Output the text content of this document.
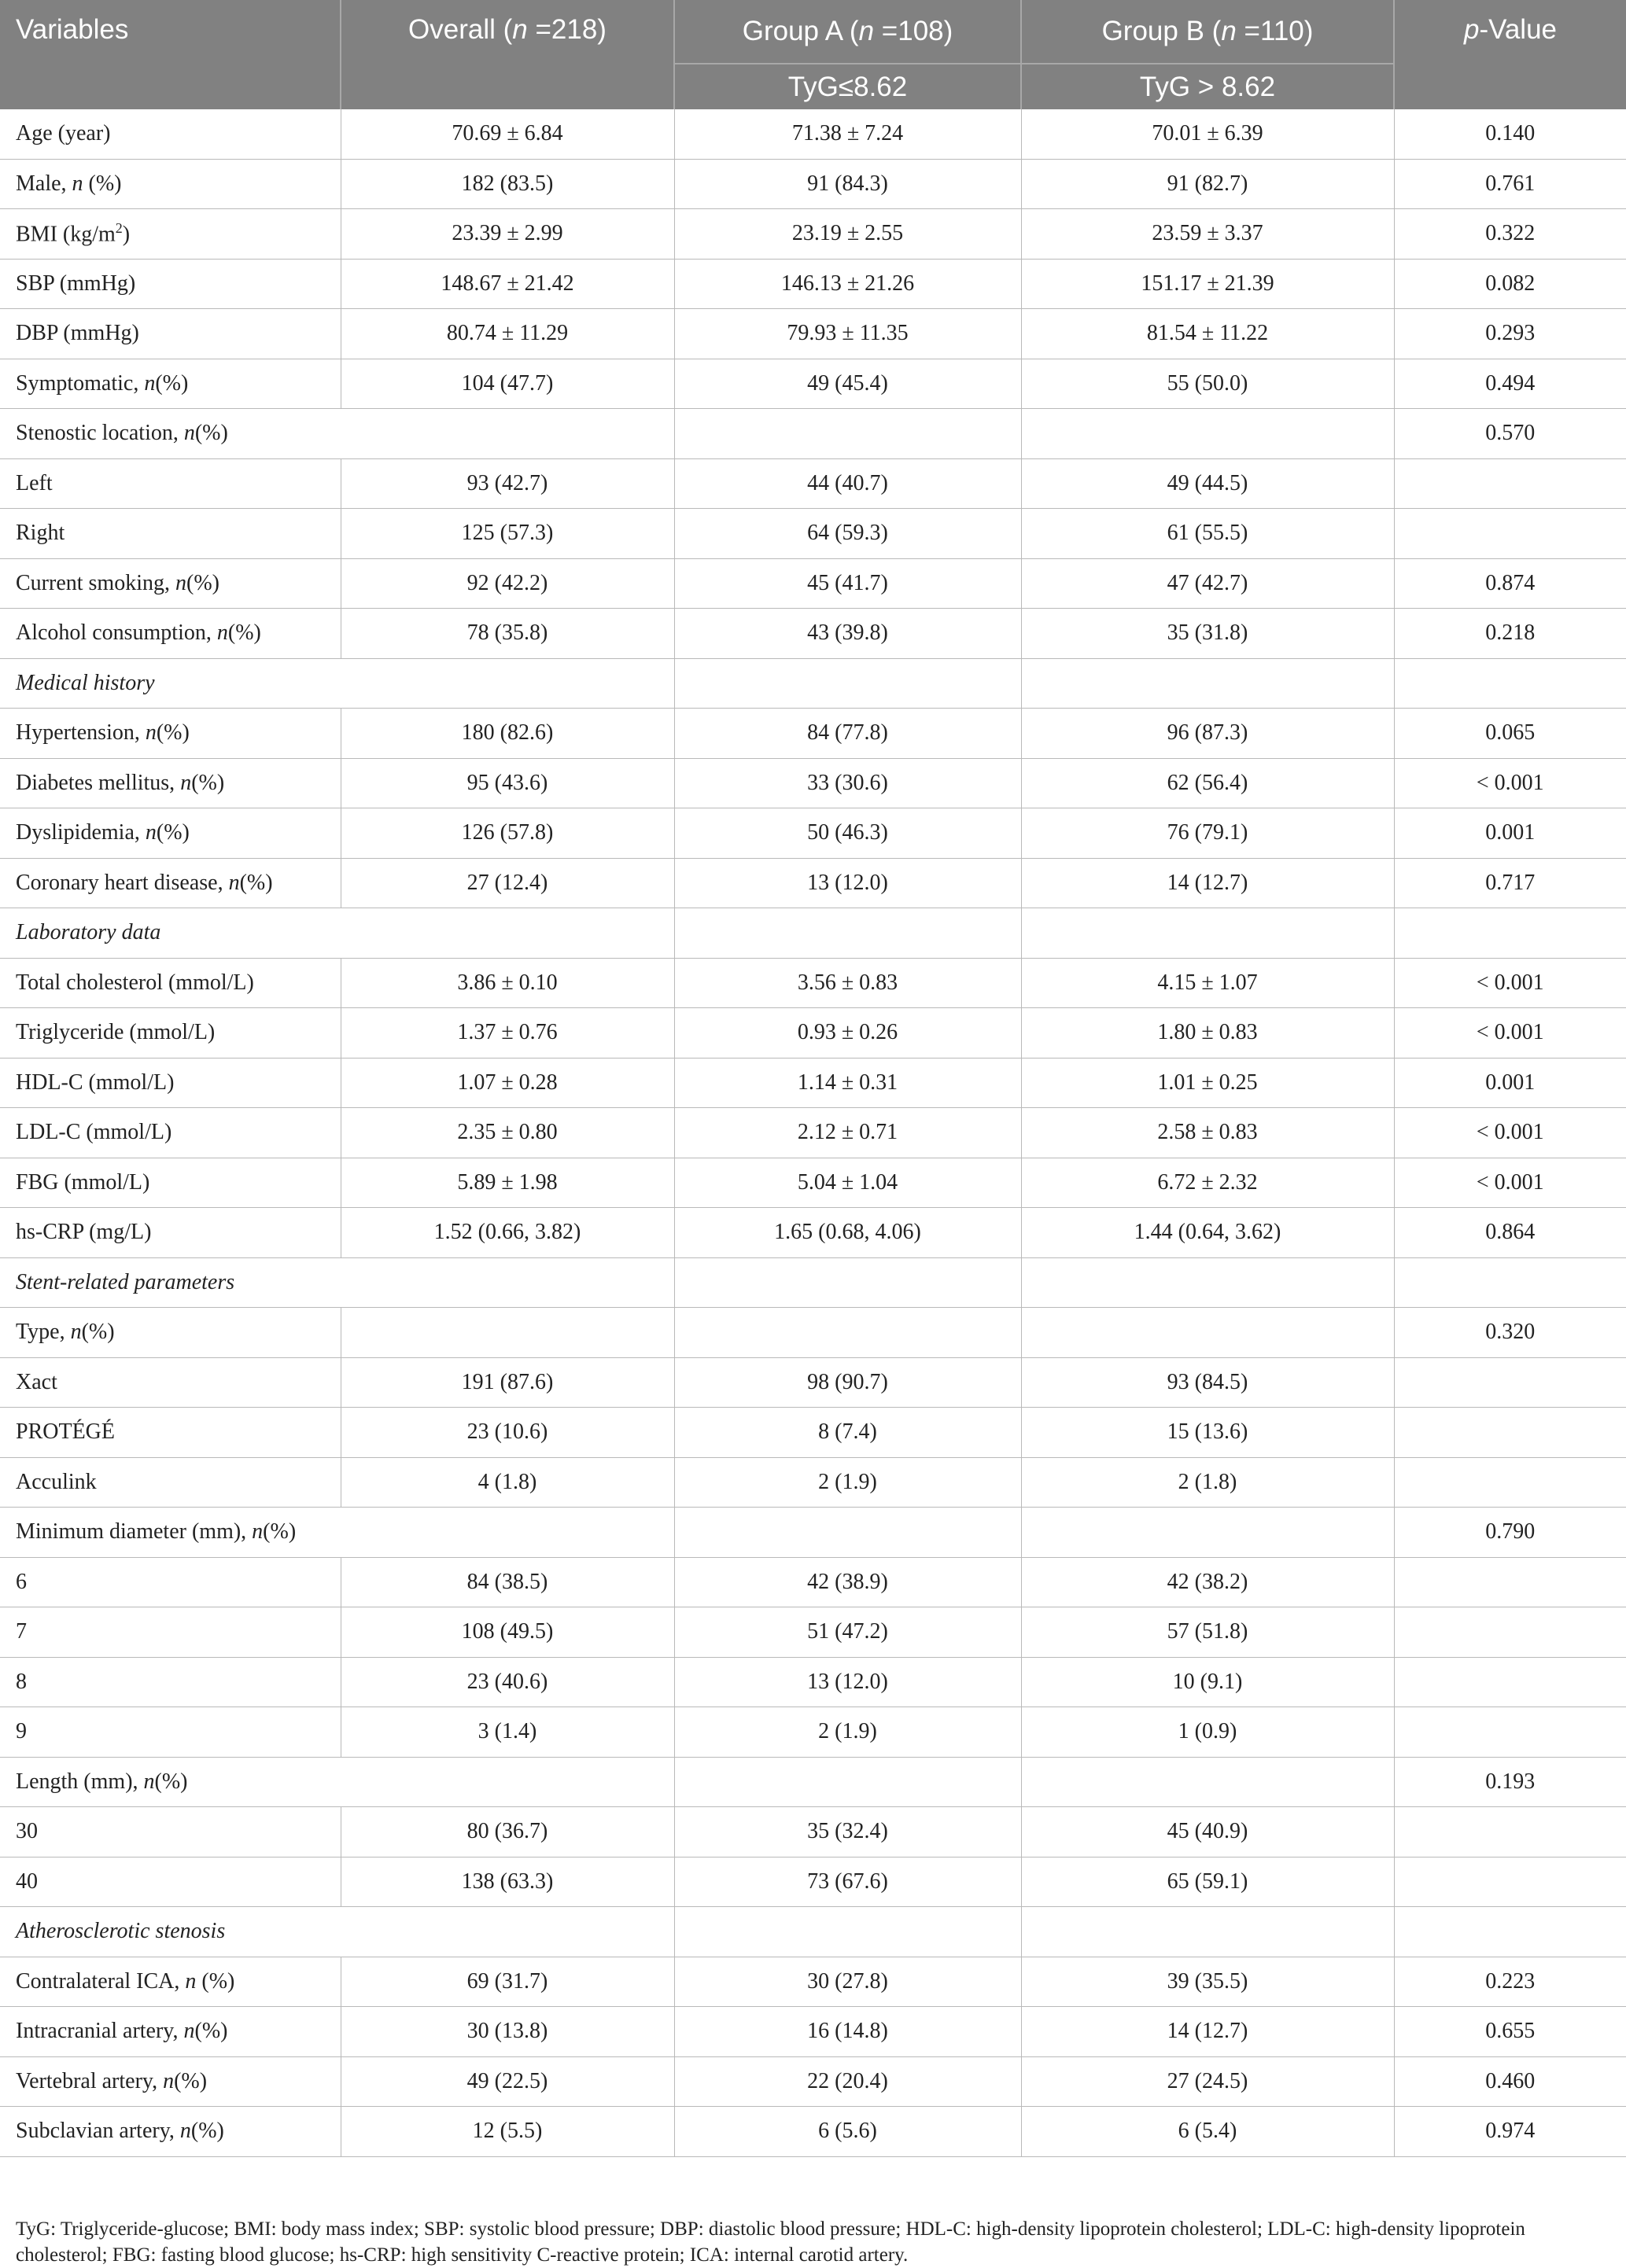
Variables	Overall (n =218)	Group A (n =108)	Group B (n =110)	p-Value
		TyG≤8.62	TyG > 8.62	
Age (year)	70.69 ± 6.84	71.38 ± 7.24	70.01 ± 6.39	0.140
Male, n (%)	182 (83.5)	91 (84.3)	91 (82.7)	0.761
BMI $(kg/m^2)$	23.39 ± 2.99	23.19 ± 2.55	23.59 ± 3.37	0.322
SBP (mmHg)	148.67 ± 21.42	146.13 ± 21.26	151.17 ± 21.39	0.082
DBP (mmHg)	80.74 ± 11.29	79.93 ± 11.35	81.54 ± 11.22	0.293
Symptomatic, n(%)	104 (47.7)	49 (45.4)	55 (50.0)	0.494
Stenostic location, n(%)				0.570
Left	93 (42.7)	44 (40.7)	49 (44.5)	
Right	125 (57.3)	64 (59.3)	61 (55.5)	
Current smoking, n(%)	92 (42.2)	45 (41.7)	47 (42.7)	0.874
Alcohol consumption, n(%)	78 (35.8)	43 (39.8)	35 (31.8)	0.218
Medical history				
Hypertension, n(%)	180 (82.6)	84 (77.8)	96 (87.3)	0.065
Diabetes mellitus, n(%)	95 (43.6)	33 (30.6)	62 (56.4)	< 0.001
Dyslipidemia, n(%)	126 (57.8)	50 (46.3)	76 (79.1)	0.001
Coronary heart disease, n(%)	27 (12.4)	13 (12.0)	14 (12.7)	0.717
Laboratory data				
Total cholesterol (mmol/L)	3.86 ± 0.10	3.56 ± 0.83	4.15 ± 1.07	< 0.001
Triglyceride (mmol/L)	1.37 ± 0.76	0.93 ± 0.26	1.80 ± 0.83	< 0.001
HDL-C (mmol/L)	1.07 ± 0.28	1.14 ± 0.31	1.01 ± 0.25	0.001
LDL-C (mmol/L)	2.35 ± 0.80	2.12 ± 0.71	2.58 ± 0.83	< 0.001
FBG (mmol/L)	5.89 ± 1.98	5.04 ± 1.04	6.72 ± 2.32	< 0.001
hs-CRP (mg/L)	1.52 (0.66, 3.82)	1.65 (0.68, 4.06)	1.44 (0.64, 3.62)	0.864
Stent-related parameters				
Type, n(%)				0.320
Xact	191 (87.6)	98 (90.7)	93 (84.5)	
PROTÉGÉ	23 (10.6)	8 (7.4)	15 (13.6)	
Acculink	4 (1.8)	2 (1.9)	2 (1.8)	
Minimum diameter (mm), n(%)				0.790
6	84 (38.5)	42 (38.9)	42 (38.2)	
7	108 (49.5)	51 (47.2)	57 (51.8)	
8	23 (40.6)	13 (12.0)	10 (9.1)	
9	3 (1.4)	2 (1.9)	1 (0.9)	
Length (mm), n(%)				0.193
30	80 (36.7)	35 (32.4)	45 (40.9)	
40	138 (63.3)	73 (67.6)	65 (59.1)	
Atherosclerotic stenosis				
Contralateral ICA, n (%)	69 (31.7)	30 (27.8)	39 (35.5)	0.223
Intracranial artery, n(%)	30 (13.8)	16 (14.8)	14 (12.7)	0.655
Vertebral artery, n(%)	49 (22.5)	22 (20.4)	27 (24.5)	0.460
Subclavian artery, n(%)	12 (5.5)	6 (5.6)	6 (5.4)	0.974
TyG: Triglyceride-glucose; BMI: body mass index; SBP: systolic blood pressure; DBP: diastolic blood pressure; HDL-C: high-density lipoprotein cholesterol; LDL-C: high-density lipoprotein cholesterol; FBG: fasting blood glucose; hs-CRP: high sensitivity C-reactive protein; ICA: internal carotid artery.
